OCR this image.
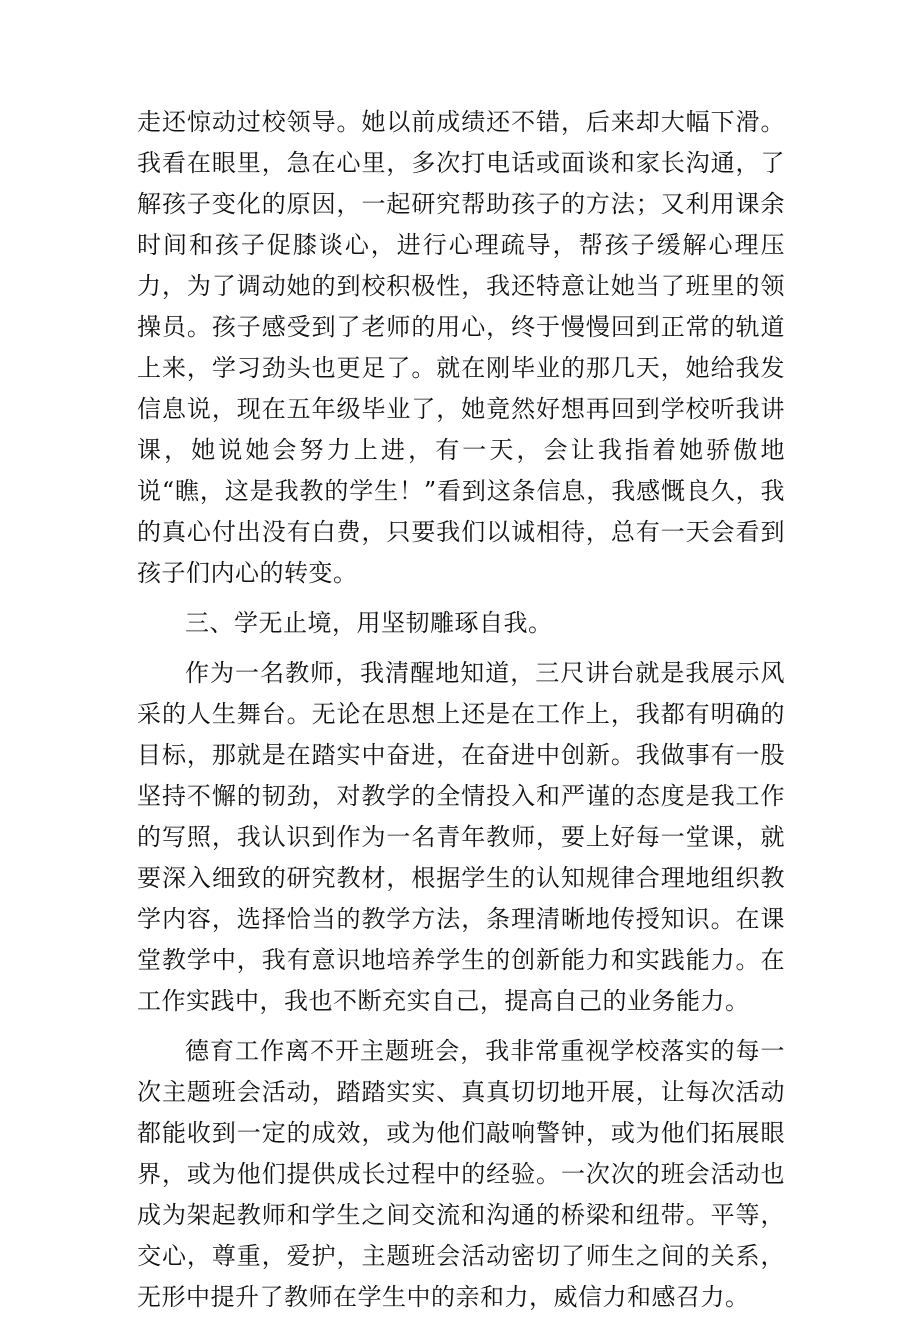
走还惊动过校领导。她以前成绩还不错，后来却大幅下滑。我看在眼里，急在心里，多次打电话或面谈和家长沟通，了解孩子变化的原因，一起研究帮助孩子的方法；又利用课余时间和孩子促膝谈心，进行心理疏导，帮孩子缓解心理压力，为了调动她的到校积极性，我还特意让她当了班里的领操员。孩子感受到了老师的用心，终于慢慢回到正常的轨道上来，学习劲头也更足了。就在刚毕业的那几天，她给我发信息说，现在五年级毕业了，她竟然好想再回到学校听我讲课，她说她会努力上进，有一天，会让我指着她骄傲地说“瞧，这是我教的学生！”看到这条信息，我感慨良久，我的真心付出没有白费，只要我们以诚相待，总有一天会看到孩子们内心的转变。

三、学无止境，用坚韧雕琢自我。

作为一名教师，我清醒地知道，三尺讲台就是我展示风采的人生舞台。无论在思想上还是在工作上，我都有明确的目标，那就是在踏实中奋进，在奋进中创新。我做事有一股坚持不懈的韧劲，对教学的全情投入和严谨的态度是我工作的写照，我认识到作为一名青年教师，要上好每一堂课，就要深入细致的研究教材，根据学生的认知规律合理地组织教学内容，选择恰当的教学方法，条理清晰地传授知识。在课堂教学中，我有意识地培养学生的创新能力和实践能力。在工作实践中，我也不断充实自己，提高自己的业务能力。

德育工作离不开主题班会，我非常重视学校落实的每一次主题班会活动，踏踏实实、真真切切地开展，让每次活动都能收到一定的成效，或为他们敲响警钟，或为他们拓展眼界，或为他们提供成长过程中的经验。一次次的班会活动也成为架起教师和学生之间交流和沟通的桥梁和纽带。平等，交心，尊重，爱护，主题班会活动密切了师生之间的关系，无形中提升了教师在学生中的亲和力，威信力和感召力。
